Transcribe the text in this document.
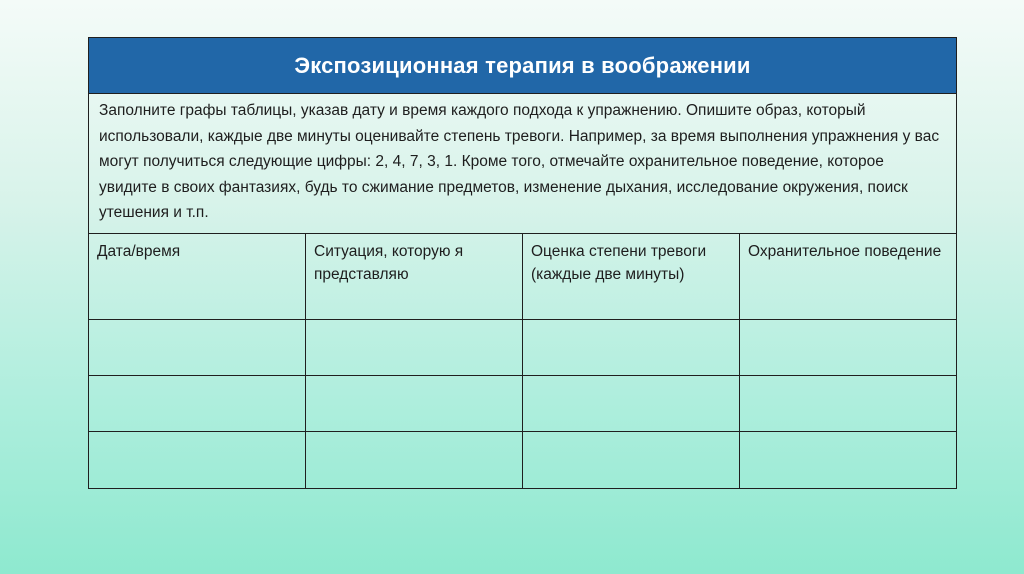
Экспозиционная терапия в воображении

Заполните графы таблицы, указав дату и время каждого подхода к упражнению. Опишите образ, который использовали, каждые две минуты оценивайте степень тревоги. Например, за время выполнения упражнения у вас могут получиться следующие цифры: 2, 4, 7, 3, 1. Кроме того, отмечайте охранительное поведение, которое увидите в своих фантазиях, будь то сжимание предметов, изменение дыхания, исследование окружения, поиск утешения и т.п.

Дата/время	Ситуация, которую я представляю
Оценка степени тревоги (каждые две минуты)
Охранительное поведение
